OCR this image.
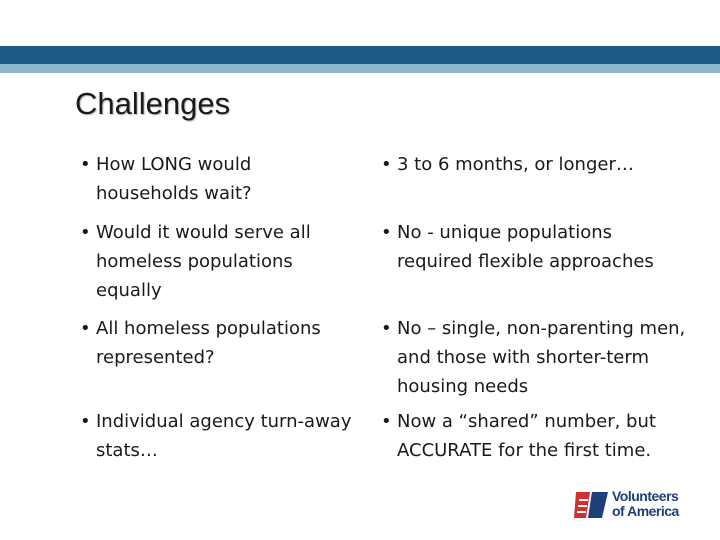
Challenges
• How LONG would households wait?
• Would it would serve all homeless populations equally
• All homeless populations represented?
• Individual agency turn-away stats…
• 3 to 6 months, or longer…
• No - unique populations required flexible approaches
• No – single, non-parenting men, and those with shorter-term housing needs
• Now a “shared” number, but ACCURATE for the first time.
Volunteers
of America
